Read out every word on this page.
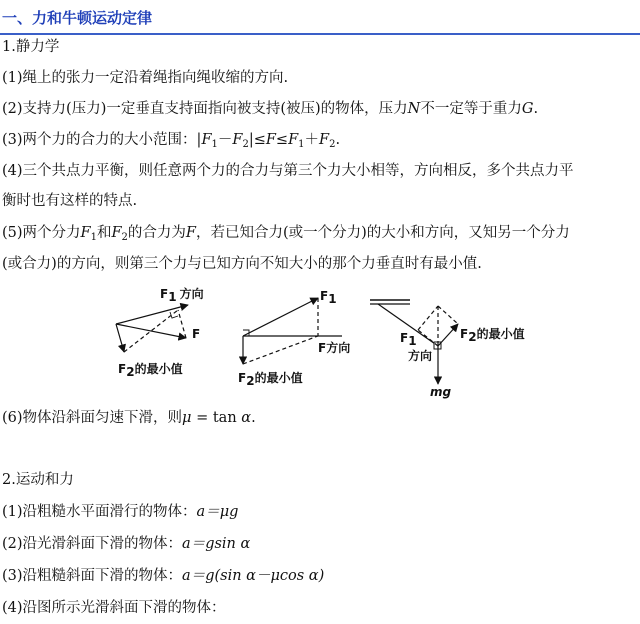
一、力和牛顿运动定律
1.静力学
(1)绳上的张力一定沿着绳指向绳收缩的方向.
(2)支持力(压力)一定垂直支持面指向被支持(被压)的物体，压力N不一定等于重力G.
(3)两个力的合力的大小范围：$|F_1-F_2|\le F\le F_1+F_2$.
(4)三个共点力平衡，则任意两个力的合力与第三个力大小相等，方向相反，多个共点力平
衡时也有这样的特点.
(5)两个分力$F_1$和$F_2$的合力为F，若已知合力(或一个分力)的大小和方向，又知另一个分力
(或合力)的方向，则第三个力与已知方向不知大小的那个力垂直时有最小值.
F1 方向
F
F2的最小值
F1
F方向
F2的最小值
F1
方向
F2的最小值
mg
(6)物体沿斜面匀速下滑，则μ = tan α.
2.运动和力
(1)沿粗糙水平面滑行的物体：a＝μg
(2)沿光滑斜面下滑的物体：a＝gsin α
(3)沿粗糙斜面下滑的物体：a＝g(sin α－μcos α)
(4)沿图所示光滑斜面下滑的物体：
